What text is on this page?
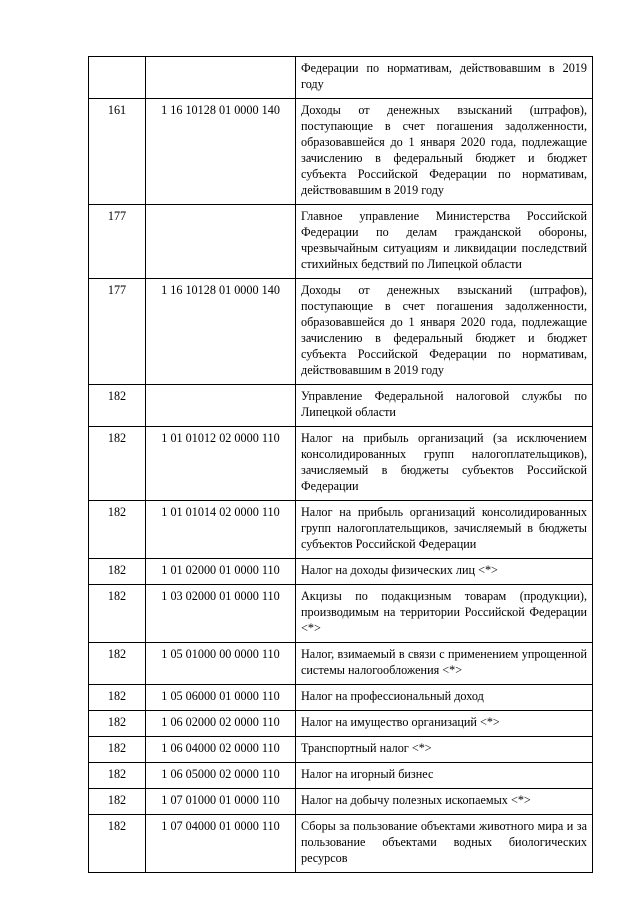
		Федерации по нормативам, действовавшим в 2019 году
161	1 16 10128 01 0000 140	Доходы от денежных взысканий (штрафов), поступающие в счет погашения задолженности, образовавшейся до 1 января 2020 года, подлежащие зачислению в федеральный бюджет и бюджет субъекта Российской Федерации по нормативам, действовавшим в 2019 году
177		Главное управление Министерства Российской Федерации по делам гражданской обороны, чрезвычайным ситуациям и ликвидации последствий стихийных бедствий по Липецкой области
177	1 16 10128 01 0000 140	Доходы от денежных взысканий (штрафов), поступающие в счет погашения задолженности, образовавшейся до 1 января 2020 года, подлежащие зачислению в федеральный бюджет и бюджет субъекта Российской Федерации по нормативам, действовавшим в 2019 году
182		Управление Федеральной налоговой службы по Липецкой области
182	1 01 01012 02 0000 110	Налог на прибыль организаций (за исключением консолидированных групп налогоплательщиков), зачисляемый в бюджеты субъектов Российской Федерации
182	1 01 01014 02 0000 110	Налог на прибыль организаций консолидированных групп налогоплательщиков, зачисляемый в бюджеты субъектов Российской Федерации
182	1 01 02000 01 0000 110	Налог на доходы физических лиц <*>
182	1 03 02000 01 0000 110	Акцизы по подакцизным товарам (продукции), производимым на территории Российской Федерации <*>
182	1 05 01000 00 0000 110	Налог, взимаемый в связи с применением упрощенной системы налогообложения <*>
182	1 05 06000 01 0000 110	Налог на профессиональный доход
182	1 06 02000 02 0000 110	Налог на имущество организаций <*>
182	1 06 04000 02 0000 110	Транспортный налог <*>
182	1 06 05000 02 0000 110	Налог на игорный бизнес
182	1 07 01000 01 0000 110	Налог на добычу полезных ископаемых <*>
182	1 07 04000 01 0000 110	Сборы за пользование объектами животного мира и за пользование объектами водных биологических ресурсов
